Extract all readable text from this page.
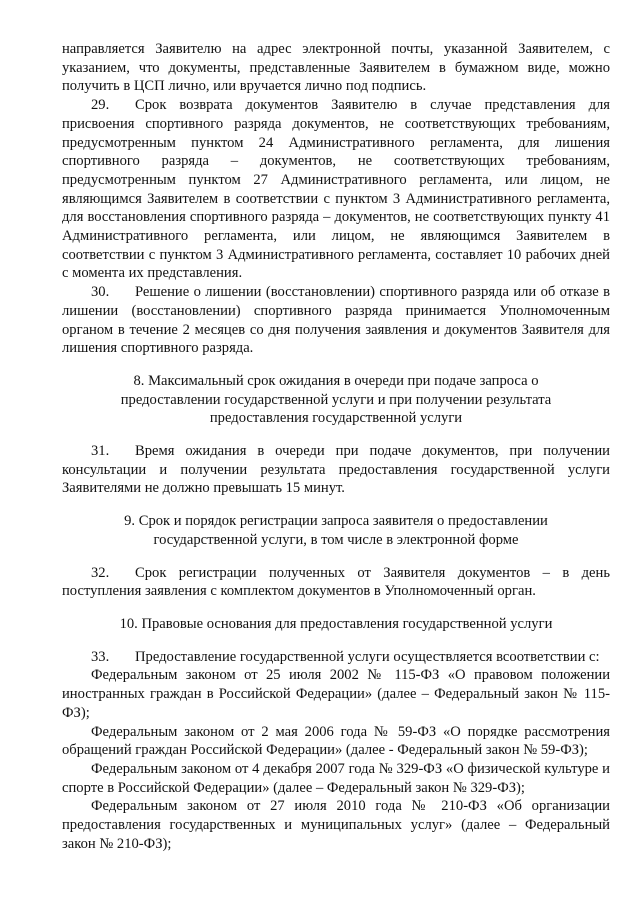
направляется Заявителю на адрес электронной почты, указанной Заявителем, с указанием, что документы, представленные Заявителем в бумажном виде, можно получить в ЦСП лично, или вручается лично под подпись.

29. Срок возврата документов Заявителю в случае представления для присвоения спортивного разряда документов, не соответствующих требованиям, предусмотренным пунктом 24 Административного регламента, для лишения спортивного разряда – документов, не соответствующих требованиям, предусмотренным пунктом 27 Административного регламента, или лицом, не являющимся Заявителем в соответствии с пунктом 3 Административного регламента, для восстановления спортивного разряда – документов, не соответствующих пункту 41 Административного регламента, или лицом, не являющимся Заявителем в соответствии с пунктом 3 Административного регламента, составляет 10 рабочих дней с момента их представления.

30. Решение о лишении (восстановлении) спортивного разряда или об отказе в лишении (восстановлении) спортивного разряда принимается Уполномоченным органом в течение 2 месяцев со дня получения заявления и документов Заявителя для лишения спортивного разряда.

8. Максимальный срок ожидания в очереди при подаче запроса о
предоставлении государственной услуги и при получении результата
предоставления государственной услуги

31. Время ожидания в очереди при подаче документов, при получении консультации и получении результата предоставления государственной услуги Заявителями не должно превышать 15 минут.

9. Срок и порядок регистрации запроса заявителя о предоставлении
государственной услуги, в том числе в электронной форме

32. Срок регистрации полученных от Заявителя документов – в день поступления заявления с комплектом документов в Уполномоченный орган.

10. Правовые основания для предоставления государственной услуги

33. Предоставление государственной услуги осуществляется всоответствии с:

Федеральным законом от 25 июля 2002 № 115-ФЗ «О правовом положении иностранных граждан в Российской Федерации» (далее – Федеральный закон № 115-ФЗ);

Федеральным законом от 2 мая 2006 года № 59-ФЗ «О порядке рассмотрения обращений граждан Российской Федерации» (далее - Федеральный закон № 59-ФЗ);

Федеральным законом от 4 декабря 2007 года № 329-ФЗ «О физической культуре и спорте в Российской Федерации» (далее – Федеральный закон № 329-ФЗ);

Федеральным законом от 27 июля 2010 года № 210-ФЗ «Об организации предоставления государственных и муниципальных услуг» (далее – Федеральный закон № 210-ФЗ);
